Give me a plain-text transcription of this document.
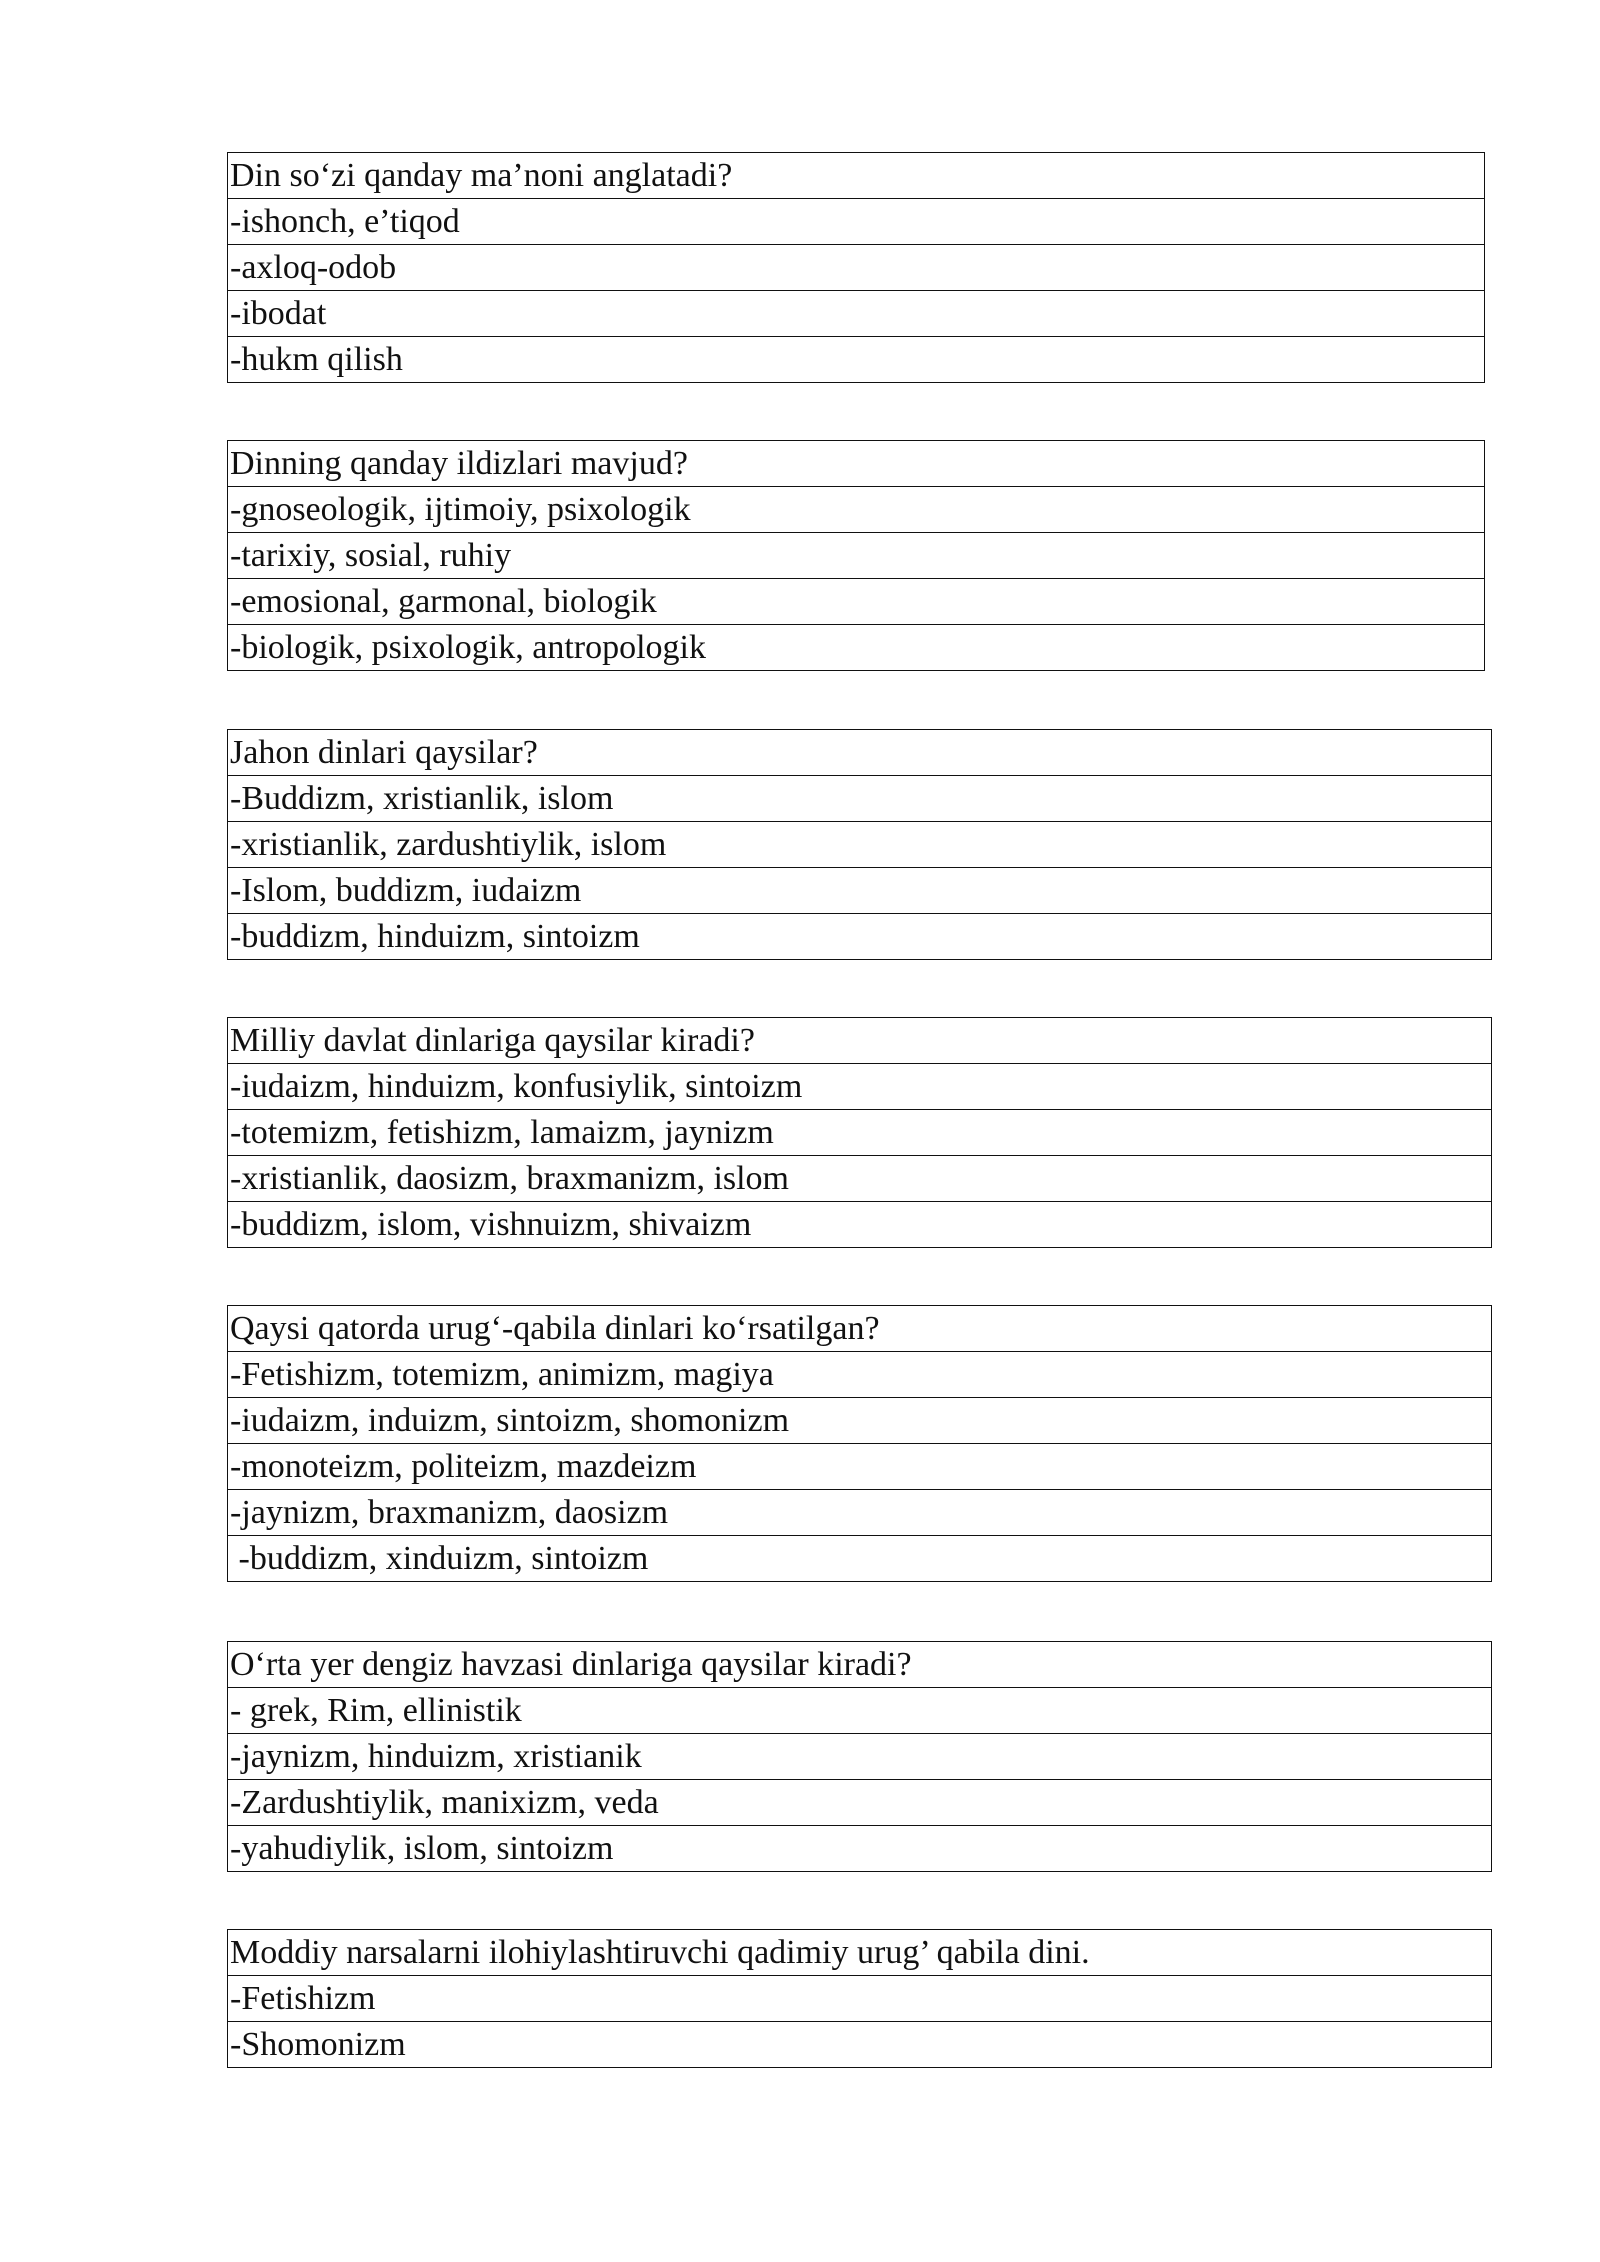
Din so‘zi qanday ma’noni anglatadi?
-ishonch, e’tiqod
-axloq-odob
-ibodat
-hukm qilish
Dinning qanday ildizlari mavjud?
-gnoseologik, ijtimoiy, psixologik
-tarixiy, sosial, ruhiy
-emosional, garmonal, biologik
-biologik, psixologik, antropologik
Jahon dinlari qaysilar?
-Buddizm, xristianlik, islom
-xristianlik, zardushtiylik, islom
-Islom, buddizm, iudaizm
-buddizm, hinduizm, sintoizm
Milliy davlat dinlariga qaysilar kiradi?
-iudaizm, hinduizm, konfusiylik, sintoizm
-totemizm, fetishizm, lamaizm, jaynizm
-xristianlik, daosizm, braxmanizm, islom
-buddizm, islom, vishnuizm, shivaizm
Qaysi qatorda urug‘-qabila dinlari ko‘rsatilgan?
-Fetishizm, totemizm, animizm, magiya
-iudaizm, induizm, sintoizm, shomonizm
-monoteizm, politeizm, mazdeizm
-jaynizm, braxmanizm, daosizm
-buddizm, xinduizm, sintoizm
O‘rta yer dengiz havzasi dinlariga qaysilar kiradi?
- grek, Rim, ellinistik
-jaynizm, hinduizm, xristianik
-Zardushtiylik, manixizm, veda
-yahudiylik, islom, sintoizm
Moddiy narsalarni ilohiylashtiruvchi qadimiy urug’ qabila dini.
-Fetishizm
-Shomonizm
